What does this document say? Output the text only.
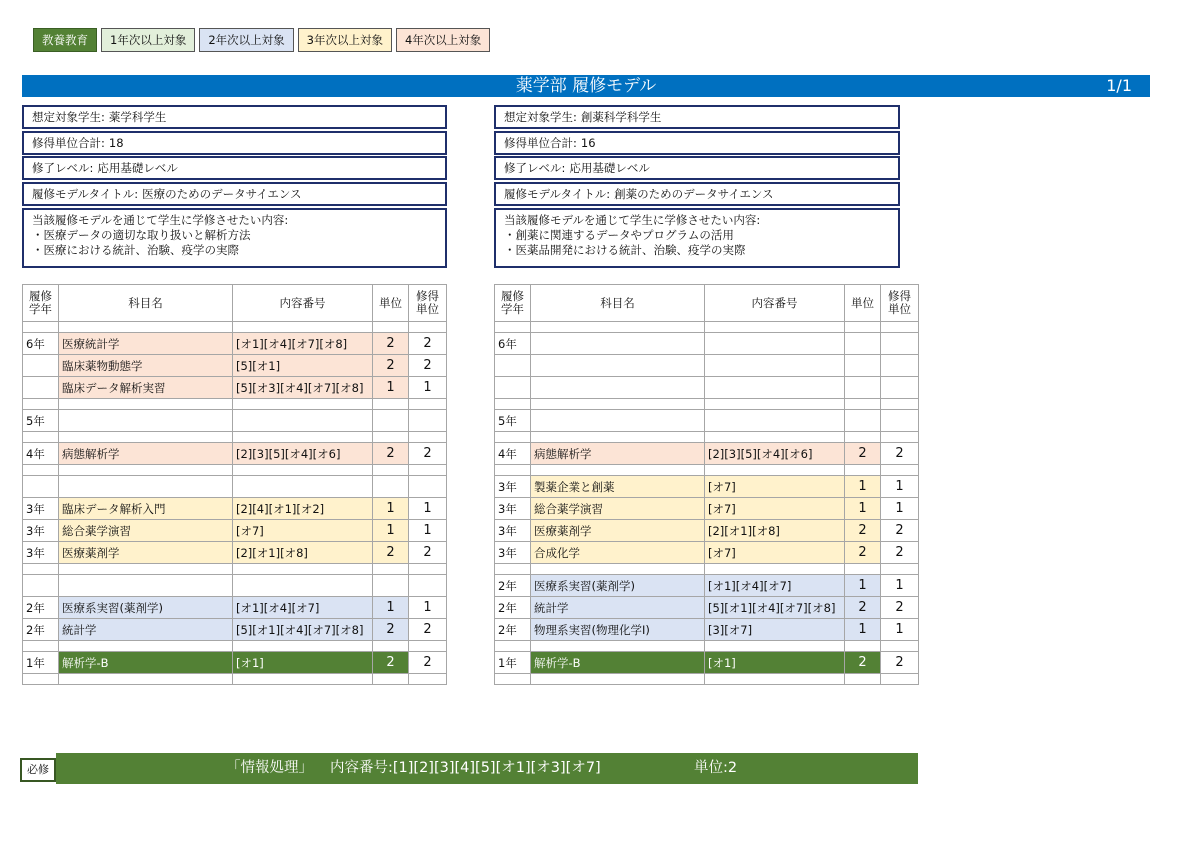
教養教育	1年次以上対象	2年次以上対象	3年次以上対象	4年次以上対象
薬学部 履修モデル	1/1
想定対象学生: 薬学科学生
修得単位合計: 18
修了レベル: 応用基礎レベル
履修モデルタイトル: 医療のためのデータサイエンス
当該履修モデルを通じて学生に学修させたい内容:
・医療データの適切な取り扱いと解析方法
・医療における統計、治験、疫学の実際
想定対象学生: 創薬科学科学生
修得単位合計: 16
修了レベル: 応用基礎レベル
履修モデルタイトル: 創薬のためのデータサイエンス
当該履修モデルを通じて学生に学修させたい内容:
・創薬に関連するデータやプログラムの活用
・医薬品開発における統計、治験、疫学の実際
履修学年	科目名	内容番号	単位	修得単位

6年	医療統計学	[オ1][オ4][オ7][オ8]	2	2
	臨床薬物動態学	[5][オ1]	2	2
	臨床データ解析実習	[5][オ3][オ4][オ7][オ8]	1	1

5年				

4年	病態解析学	[2][3][5][オ4][オ6]	2	2

3年	臨床データ解析入門	[2][4][オ1][オ2]	1	1
3年	総合薬学演習	[オ7]	1	1
3年	医療薬剤学	[2][オ1][オ8]	2	2

2年	医療系実習(薬剤学)	[オ1][オ4][オ7]	1	1
2年	統計学	[5][オ1][オ4][オ7][オ8]	2	2

1年	解析学-B	[オ1]	2	2

履修学年	科目名	内容番号	単位	修得単位

6年				

5年				

4年	病態解析学	[2][3][5][オ4][オ6]	2	2

3年	製薬企業と創薬	[オ7]	1	1
3年	総合薬学演習	[オ7]	1	1
3年	医療薬剤学	[2][オ1][オ8]	2	2
3年	合成化学	[オ7]	2	2

2年	医療系実習(薬剤学)	[オ1][オ4][オ7]	1	1
2年	統計学	[5][オ1][オ4][オ7][オ8]	2	2
2年	物理系実習(物理化学Ⅰ)	[3][オ7]	1	1

1年	解析学-B	[オ1]	2	2

必修	「情報処理」 内容番号:[1][2][3][4][5][オ1][オ3][オ7]	単位:2
